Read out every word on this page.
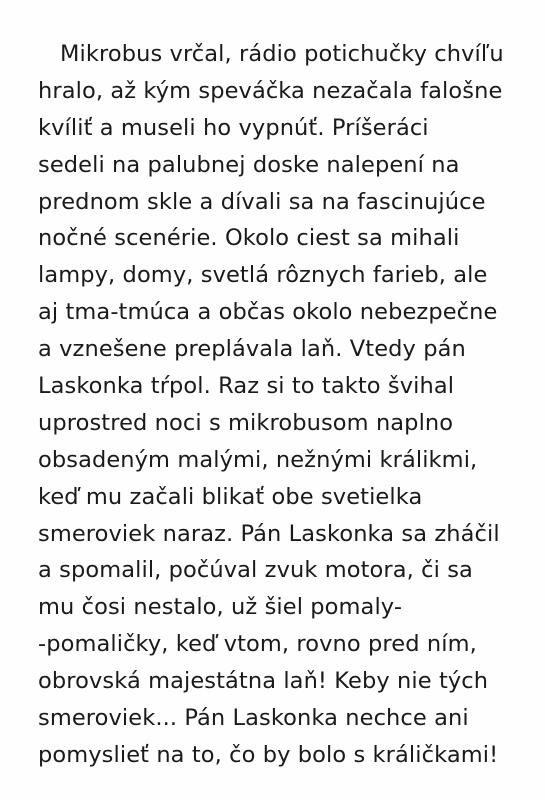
Mikrobus vrčal, rádio potichučky chvíľu
hralo, až kým speváčka nezačala falošne
kvíliť a museli ho vypnúť. Príšeráci
sedeli na palubnej doske nalepení na
prednom skle a dívali sa na fascinujúce
nočné scenérie. Okolo ciest sa mihali
lampy, domy, svetlá rôznych farieb, ale
aj tma-tmúca a občas okolo nebezpečne
a vznešene preplávala laň. Vtedy pán
Laskonka tŕpol. Raz si to takto švihal
uprostred noci s mikrobusom naplno
obsadeným malými, nežnými králikmi,
keď mu začali blikať obe svetielka
smeroviek naraz. Pán Laskonka sa zháčil
a spomalil, počúval zvuk motora, či sa
mu čosi nestalo, už šiel pomaly-
-pomaličky, keď vtom, rovno pred ním,
obrovská majestátna laň! Keby nie tých
smeroviek... Pán Laskonka nechce ani
pomyslieť na to, čo by bolo s králičkami!
